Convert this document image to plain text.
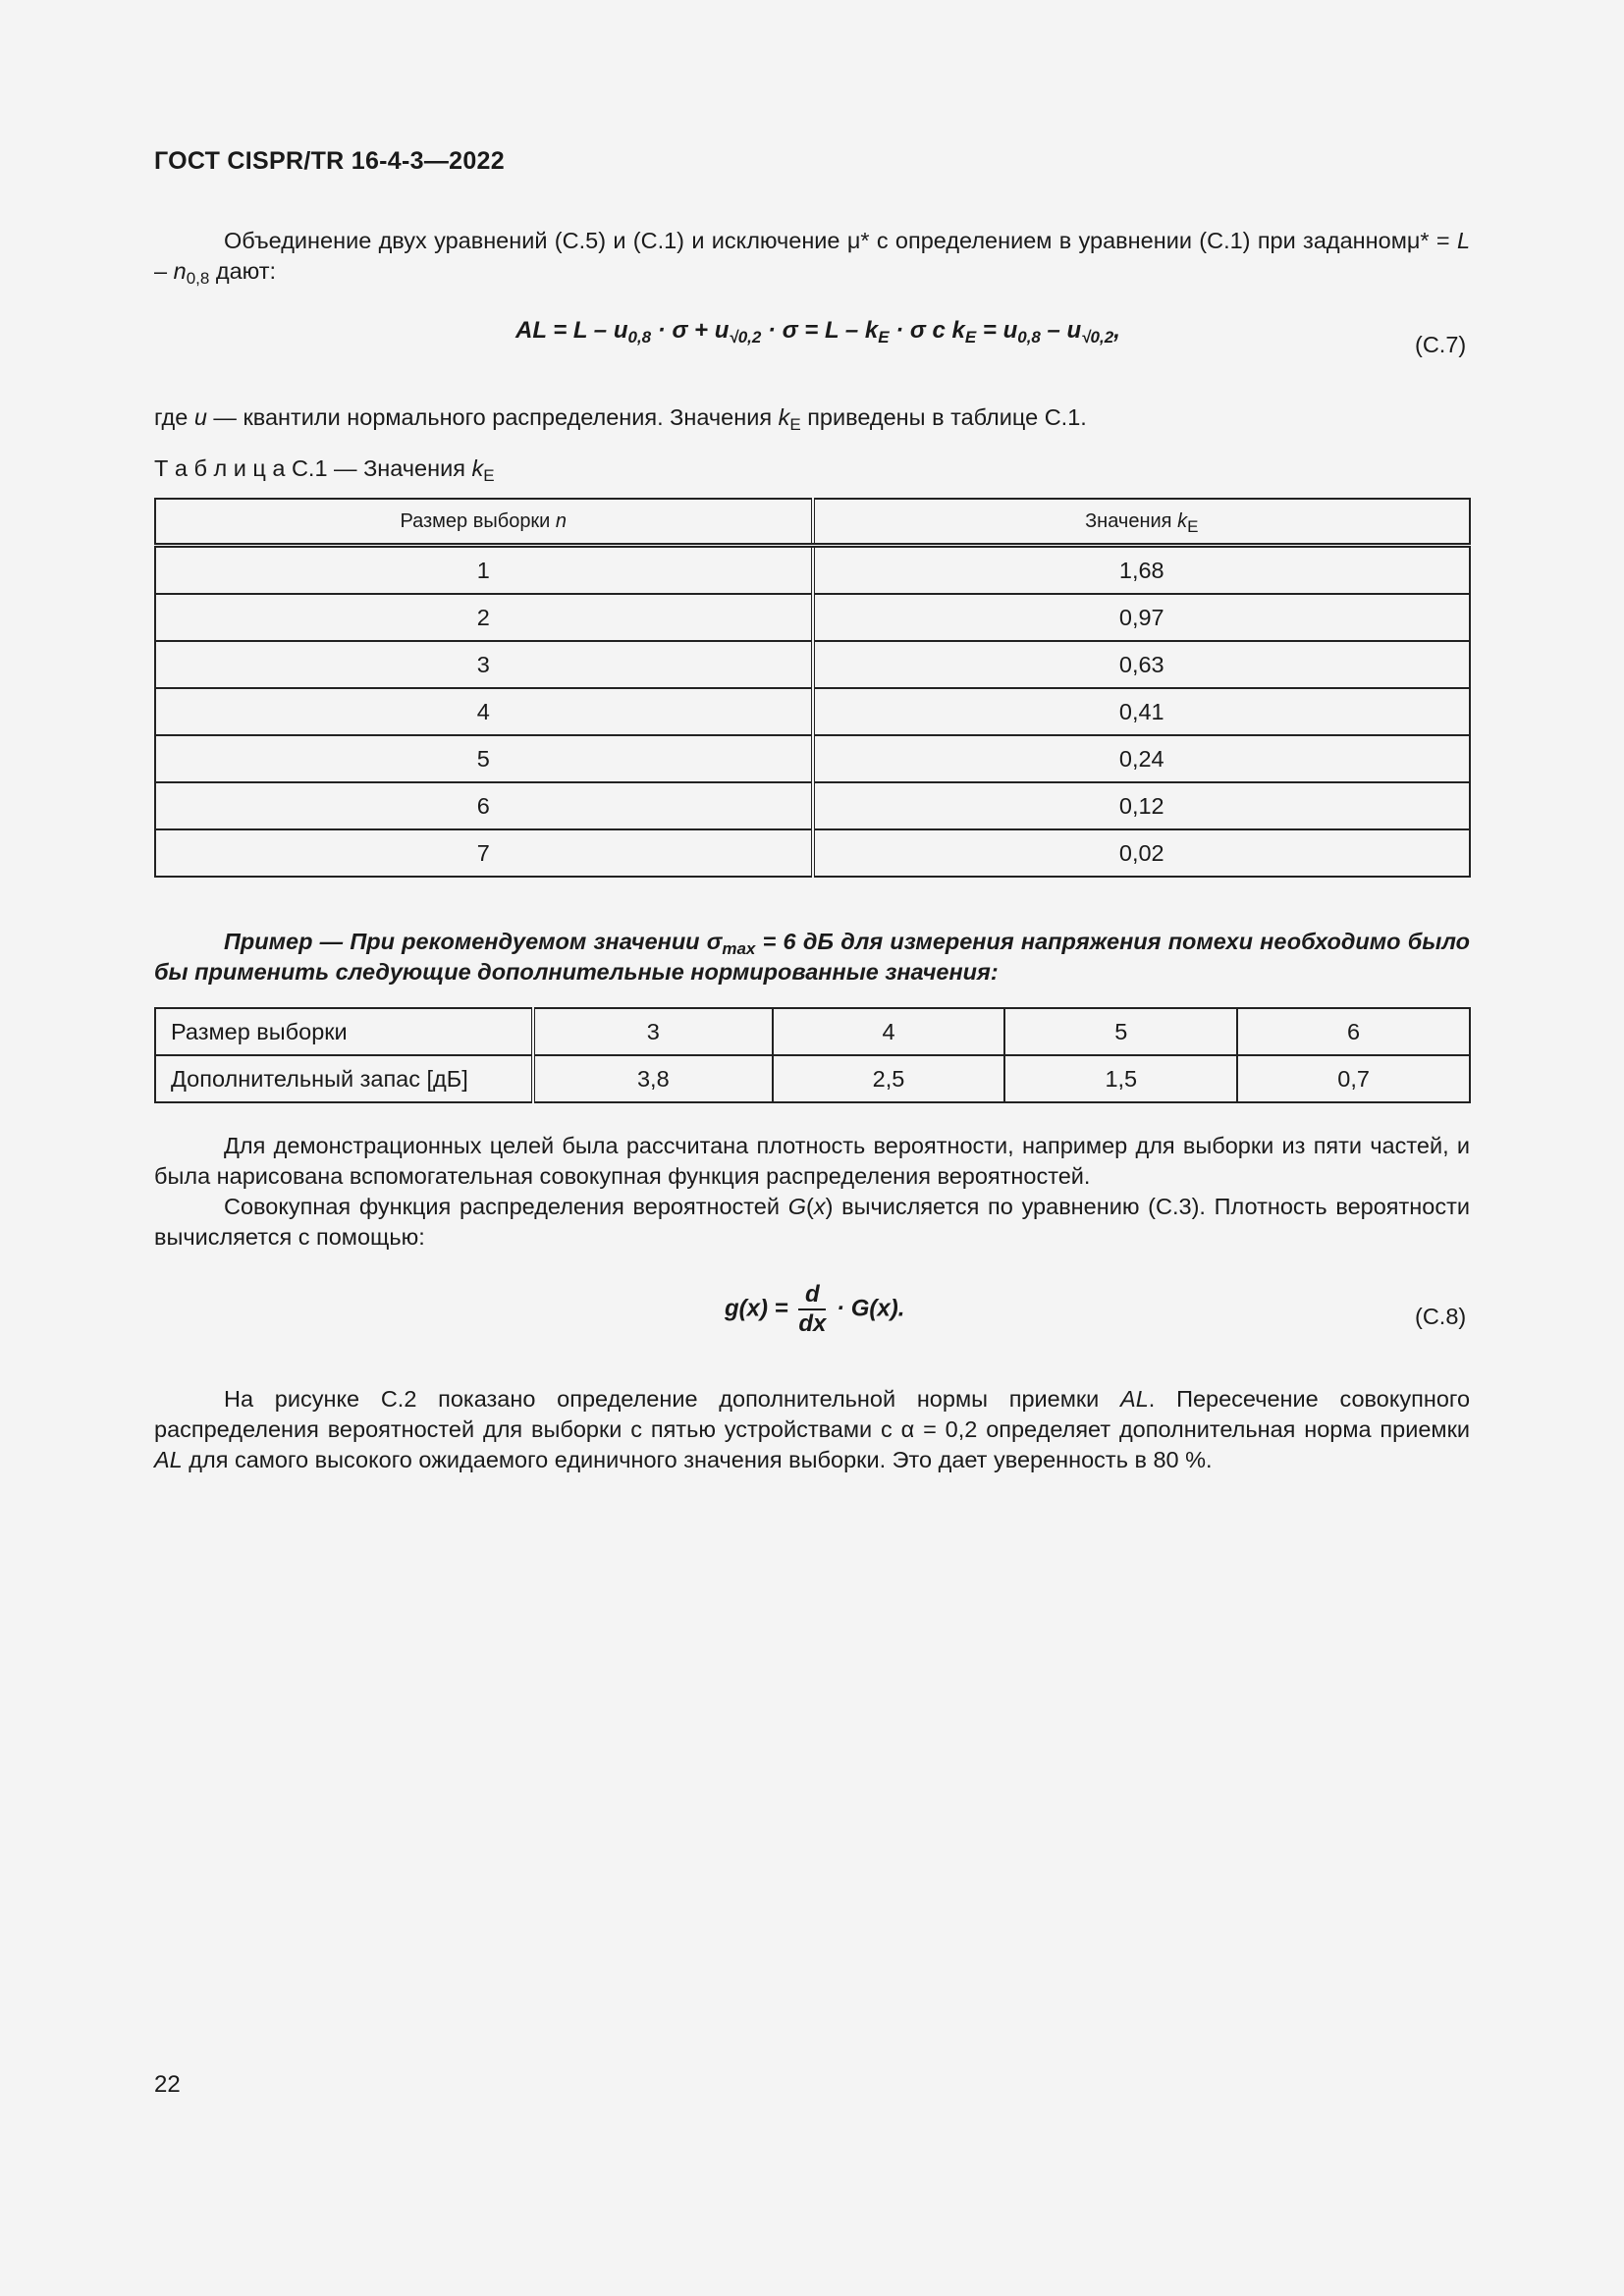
ГОСТ CISPR/TR 16-4-3—2022
Объединение двух уравнений (С.5) и (С.1) и исключение μ* с определением в уравнении (С.1) при заданномμ* = L – $n_{0,8}$ дают:
AL = $L - u_{0,8} \cdot \sigma + u_{√0,2} \cdot \sigma = L - k_E \cdot \sigma$ с $k_E = u_{0,8} - u_{√0,2}$,
(С.7)
где u — квантили нормального распределения. Значения $k_E$ приведены в таблице С.1.
Т а б л и ц а С.1 — Значения $k_E$
Размер выборки n	Значения $k_E$
1	1,68
2	0,97
3	0,63
4	0,41
5	0,24
6	0,12
7	0,02
Пример — При рекомендуемом значении $\sigma_{max} = 6$ дБ для измерения напряжения помехи необходимо было бы применить следующие дополнительные нормированные значения:
Размер выборки	3	4	5	6
Дополнительный запас [дБ]	3,8	2,5	1,5	0,7
Для демонстрационных целей была рассчитана плотность вероятности, например для выборки из пяти частей, и была нарисована вспомогательная совокупная функция распределения вероятностей.
Совокупная функция распределения вероятностей G(x) вычисляется по уравнению (С.3). Плотность вероятности вычисляется с помощью:
$g(x) = \frac{d}{dx} \cdot G(x)$.	(С.8)
На рисунке С.2 показано определение дополнительной нормы приемки AL. Пересечение совокупного распределения вероятностей для выборки с пятью устройствами с α = 0,2 определяет дополнительная норма приемки AL для самого высокого ожидаемого единичного значения выборки. Это дает уверенность в 80 %.
22
